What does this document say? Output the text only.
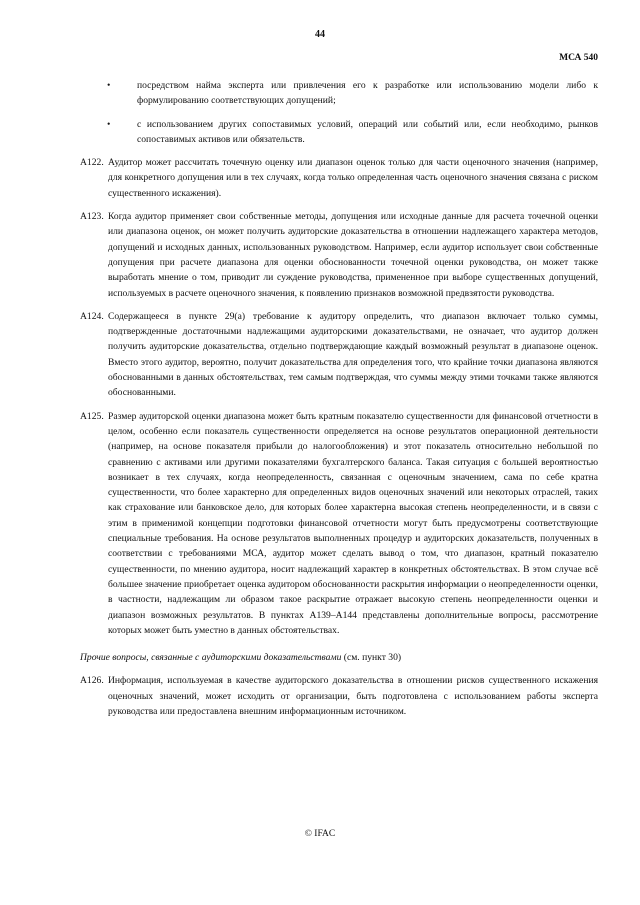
44
МСА 540
•	посредством найма эксперта или привлечения его к разработке или использованию модели либо к формулированию соответствующих допущений;
•	с использованием других сопоставимых условий, операций или событий или, если необходимо, рынков сопоставимых активов или обязательств.
A122. Аудитор может рассчитать точечную оценку или диапазон оценок только для части оценочного значения (например, для конкретного допущения или в тех случаях, когда только определенная часть оценочного значения связана с риском существенного искажения).
A123. Когда аудитор применяет свои собственные методы, допущения или исходные данные для расчета точечной оценки или диапазона оценок, он может получить аудиторские доказательства в отношении надлежащего характера методов, допущений и исходных данных, использованных руководством. Например, если аудитор использует свои собственные допущения при расчете диапазона для оценки обоснованности точечной оценки руководства, он может также выработать мнение о том, приводит ли суждение руководства, примененное при выборе существенных допущений, используемых в расчете оценочного значения, к появлению признаков возможной предвзятости руководства.
A124. Содержащееся в пункте 29(а) требование к аудитору определить, что диапазон включает только суммы, подтвержденные достаточными надлежащими аудиторскими доказательствами, не означает, что аудитор должен получить аудиторские доказательства, отдельно подтверждающие каждый возможный результат в диапазоне оценок. Вместо этого аудитор, вероятно, получит доказательства для определения того, что крайние точки диапазона являются обоснованными в данных обстоятельствах, тем самым подтверждая, что суммы между этими точками также являются обоснованными.
A125. Размер аудиторской оценки диапазона может быть кратным показателю существенности для финансовой отчетности в целом, особенно если показатель существенности определяется на основе результатов операционной деятельности (например, на основе показателя прибыли до налогообложения) и этот показатель относительно небольшой по сравнению с активами или другими показателями бухгалтерского баланса. Такая ситуация с большей вероятностью возникает в тех случаях, когда неопределенность, связанная с оценочным значением, сама по себе кратна существенности, что более характерно для определенных видов оценочных значений или некоторых отраслей, таких как страхование или банковское дело, для которых более характерна высокая степень неопределенности, и в связи с этим в применимой концепции подготовки финансовой отчетности могут быть предусмотрены соответствующие специальные требования. На основе результатов выполненных процедур и аудиторских доказательств, полученных в соответствии с требованиями МСА, аудитор может сделать вывод о том, что диапазон, кратный показателю существенности, по мнению аудитора, носит надлежащий характер в конкретных обстоятельствах. В этом случае всё большее значение приобретает оценка аудитором обоснованности раскрытия информации о неопределенности оценки, в частности, надлежащим ли образом такое раскрытие отражает высокую степень неопределенности оценки и диапазон возможных результатов. В пунктах A139–A144 представлены дополнительные вопросы, рассмотрение которых может быть уместно в данных обстоятельствах.
Прочие вопросы, связанные с аудиторскими доказательствами (см. пункт 30)
A126. Информация, используемая в качестве аудиторского доказательства в отношении рисков существенного искажения оценочных значений, может исходить от организации, быть подготовлена с использованием работы эксперта руководства или предоставлена внешним информационным источником.
© IFAC
